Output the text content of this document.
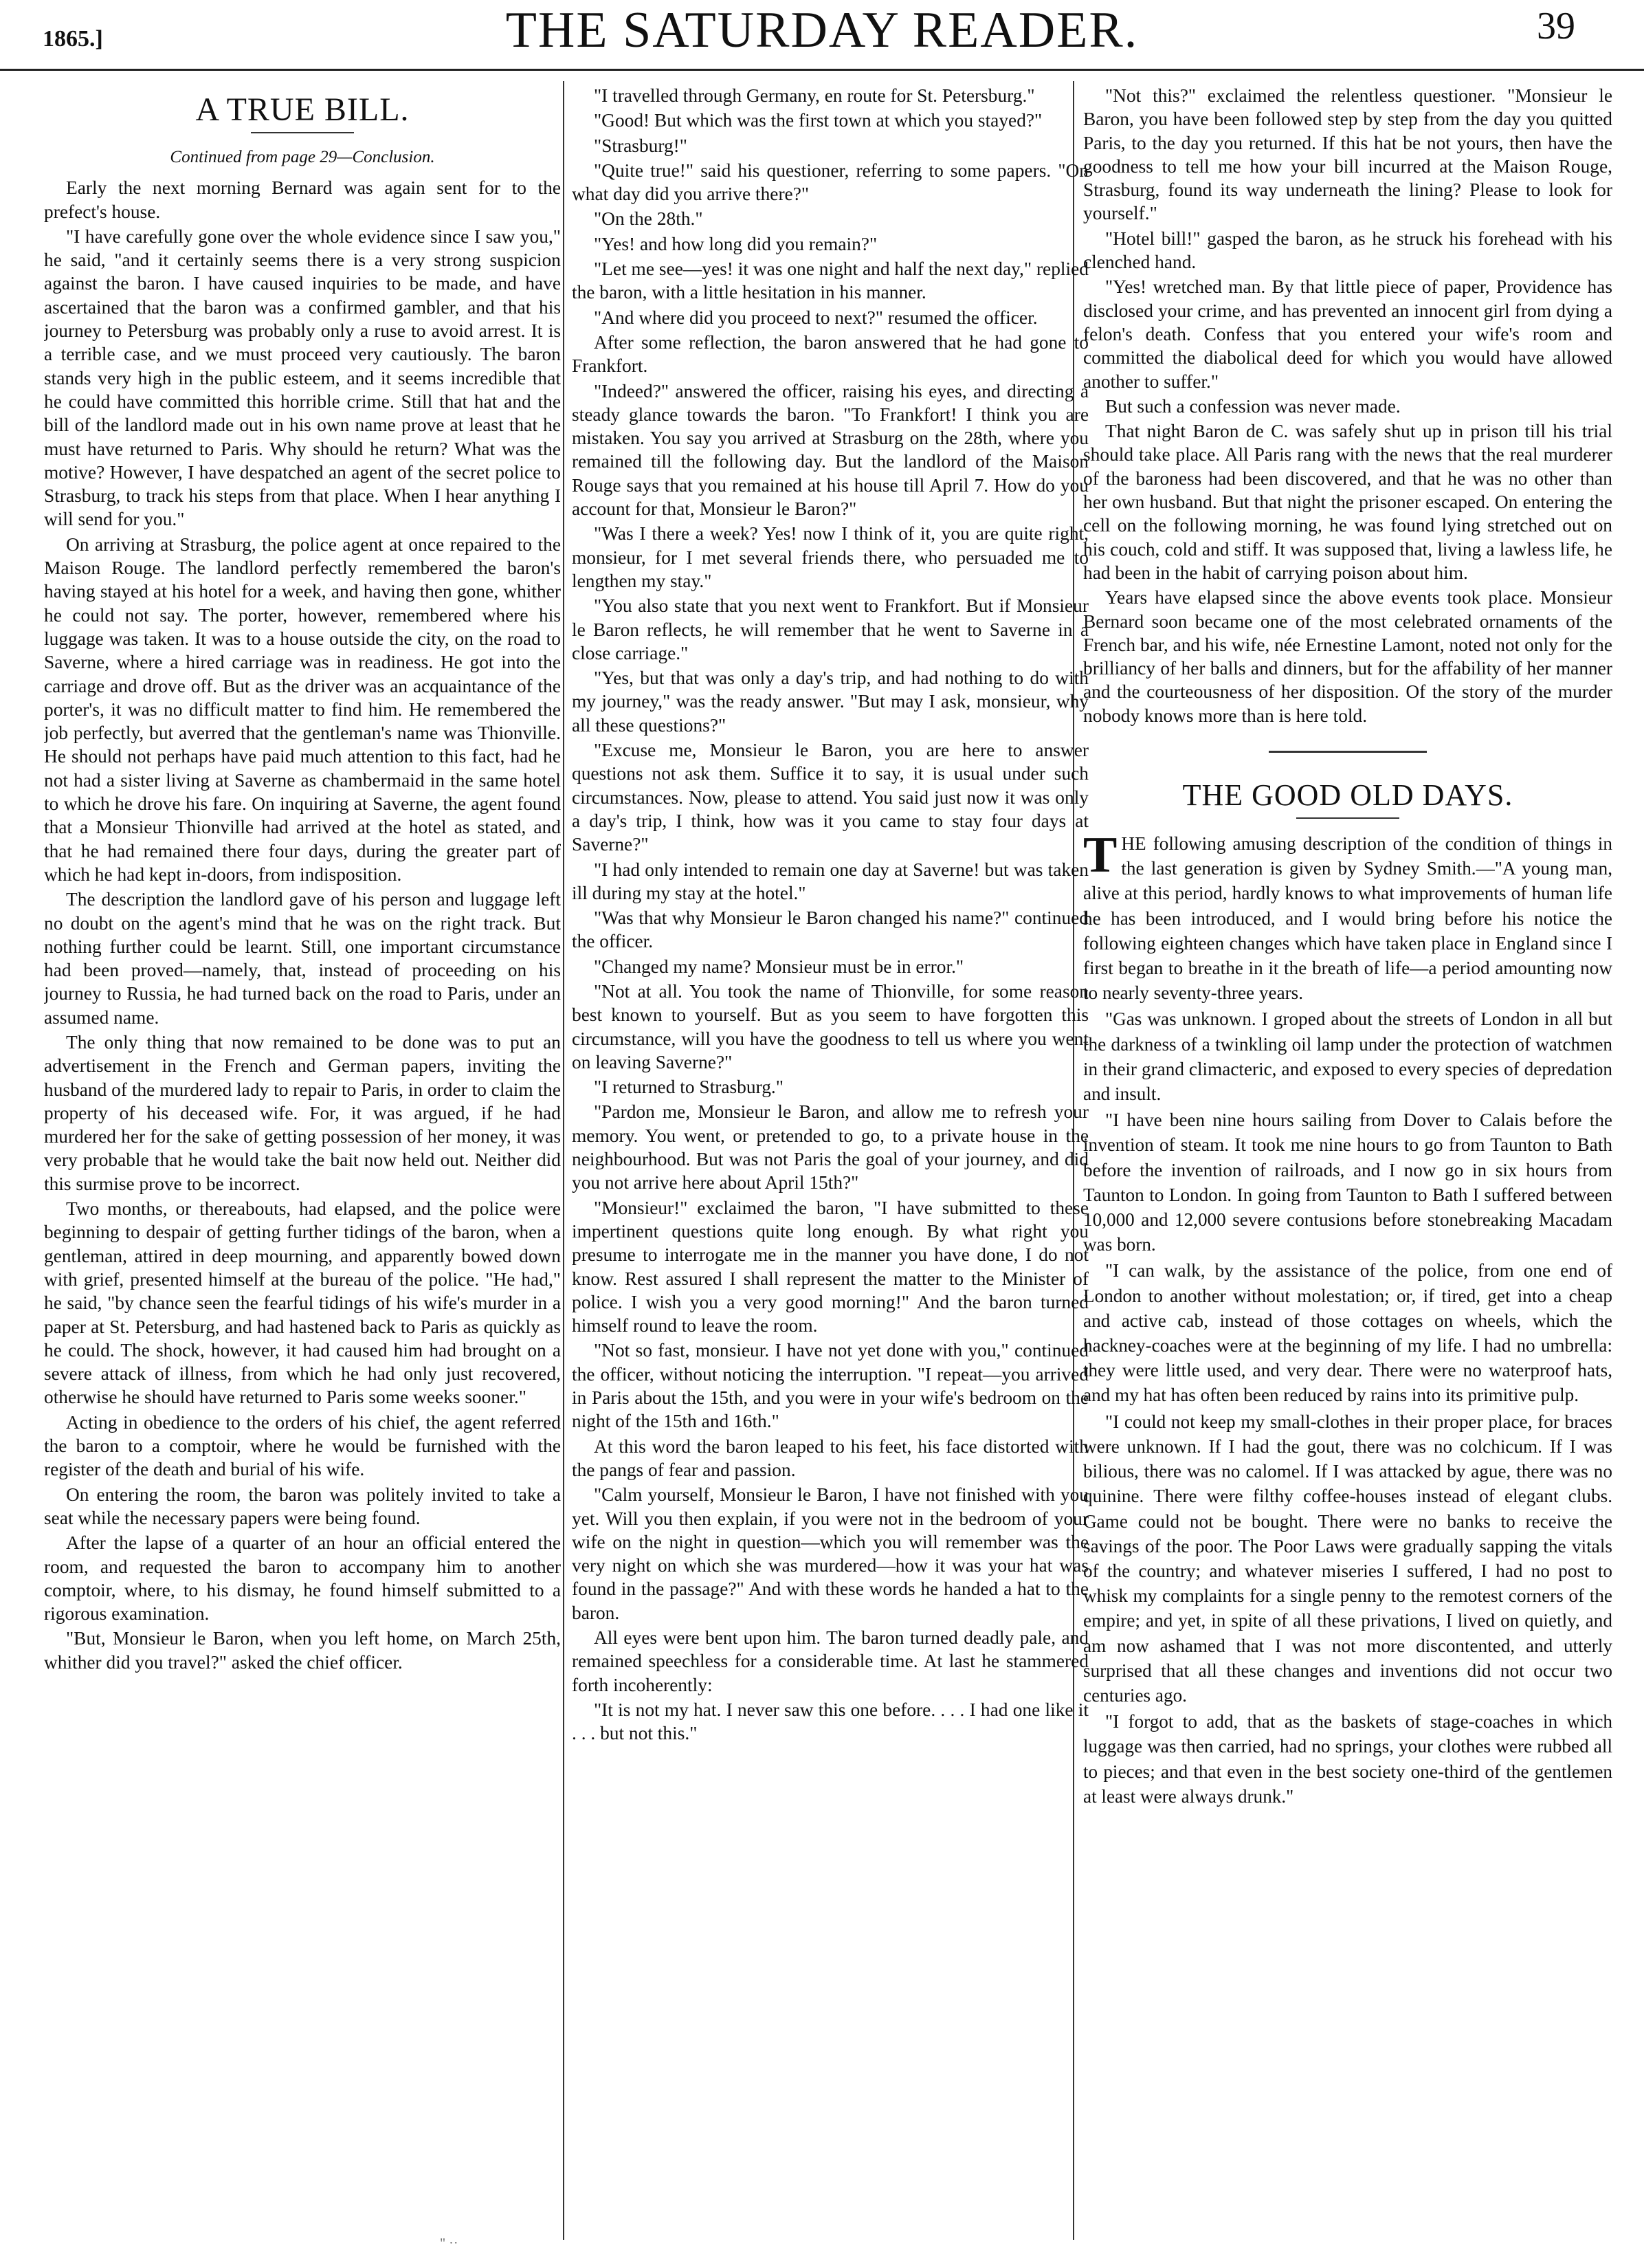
1865.]	THE SATURDAY READER.	39
A TRUE BILL.
Continued from page 29—Conclusion.

Early the next morning Bernard was again sent for to the prefect's house.

"I have carefully gone over the whole evidence since I saw you," he said, "and it certainly seems there is a very strong suspicion against the baron. I have caused inquiries to be made, and have ascertained that the baron was a confirmed gambler, and that his journey to Petersburg was probably only a ruse to avoid arrest. It is a terrible case, and we must proceed very cautiously. The baron stands very high in the public esteem, and it seems incredible that he could have committed this horrible crime. Still that hat and the bill of the landlord made out in his own name prove at least that he must have returned to Paris. Why should he return? What was the motive? However, I have despatched an agent of the secret police to Strasburg, to track his steps from that place. When I hear anything I will send for you."

On arriving at Strasburg, the police agent at once repaired to the Maison Rouge. The landlord perfectly remembered the baron's having stayed at his hotel for a week, and having then gone, whither he could not say. The porter, however, remembered where his luggage was taken. It was to a house outside the city, on the road to Saverne, where a hired carriage was in readiness. He got into the carriage and drove off. But as the driver was an acquaintance of the porter's, it was no difficult matter to find him. He remembered the job perfectly, but averred that the gentleman's name was Thionville. He should not perhaps have paid much attention to this fact, had he not had a sister living at Saverne as chambermaid in the same hotel to which he drove his fare. On inquiring at Saverne, the agent found that a Monsieur Thionville had arrived at the hotel as stated, and that he had remained there four days, during the greater part of which he had kept in-doors, from indisposition.

The description the landlord gave of his person and luggage left no doubt on the agent's mind that he was on the right track. But nothing further could be learnt. Still, one important circumstance had been proved—namely, that, instead of proceeding on his journey to Russia, he had turned back on the road to Paris, under an assumed name.

The only thing that now remained to be done was to put an advertisement in the French and German papers, inviting the husband of the murdered lady to repair to Paris, in order to claim the property of his deceased wife. For, it was argued, if he had murdered her for the sake of getting possession of her money, it was very probable that he would take the bait now held out. Neither did this surmise prove to be incorrect.

Two months, or thereabouts, had elapsed, and the police were beginning to despair of getting further tidings of the baron, when a gentleman, attired in deep mourning, and apparently bowed down with grief, presented himself at the bureau of the police. "He had," he said, "by chance seen the fearful tidings of his wife's murder in a paper at St. Petersburg, and had hastened back to Paris as quickly as he could. The shock, however, it had caused him had brought on a severe attack of illness, from which he had only just recovered, otherwise he should have returned to Paris some weeks sooner."

Acting in obedience to the orders of his chief, the agent referred the baron to a comptoir, where he would be furnished with the register of the death and burial of his wife.

On entering the room, the baron was politely invited to take a seat while the necessary papers were being found.

After the lapse of a quarter of an hour an official entered the room, and requested the baron to accompany him to another comptoir, where, to his dismay, he found himself submitted to a rigorous examination.

"But, Monsieur le Baron, when you left home, on March 25th, whither did you travel?" asked the chief officer.

"I travelled through Germany, en route for St. Petersburg."

"Good! But which was the first town at which you stayed?"

"Strasburg!"

"Quite true!" said his questioner, referring to some papers. "On what day did you arrive there?"

"On the 28th."

"Yes! and how long did you remain?"

"Let me see—yes! it was one night and half the next day," replied the baron, with a little hesitation in his manner.

"And where did you proceed to next?" resumed the officer.

After some reflection, the baron answered that he had gone to Frankfort.

"Indeed?" answered the officer, raising his eyes, and directing a steady glance towards the baron. "To Frankfort! I think you are mistaken. You say you arrived at Strasburg on the 28th, where you remained till the following day. But the landlord of the Maison Rouge says that you remained at his house till April 7. How do you account for that, Monsieur le Baron?"

"Was I there a week? Yes! now I think of it, you are quite right, monsieur, for I met several friends there, who persuaded me to lengthen my stay."

"You also state that you next went to Frankfort. But if Monsieur le Baron reflects, he will remember that he went to Saverne in a close carriage."

"Yes, but that was only a day's trip, and had nothing to do with my journey," was the ready answer. "But may I ask, monsieur, why all these questions?"

"Excuse me, Monsieur le Baron, you are here to answer questions not ask them. Suffice it to say, it is usual under such circumstances. Now, please to attend. You said just now it was only a day's trip, I think, how was it you came to stay four days at Saverne?"

"I had only intended to remain one day at Saverne! but was taken ill during my stay at the hotel."

"Was that why Monsieur le Baron changed his name?" continued the officer.

"Changed my name? Monsieur must be in error."

"Not at all. You took the name of Thionville, for some reason best known to yourself. But as you seem to have forgotten this circumstance, will you have the goodness to tell us where you went on leaving Saverne?"

"I returned to Strasburg."

"Pardon me, Monsieur le Baron, and allow me to refresh your memory. You went, or pretended to go, to a private house in the neighbourhood. But was not Paris the goal of your journey, and did you not arrive here about April 15th?"

"Monsieur!" exclaimed the baron, "I have submitted to these impertinent questions quite long enough. By what right you presume to interrogate me in the manner you have done, I do not know. Rest assured I shall represent the matter to the Minister of police. I wish you a very good morning!" And the baron turned himself round to leave the room.

"Not so fast, monsieur. I have not yet done with you," continued the officer, without noticing the interruption. "I repeat—you arrived in Paris about the 15th, and you were in your wife's bedroom on the night of the 15th and 16th."

At this word the baron leaped to his feet, his face distorted with the pangs of fear and passion.

"Calm yourself, Monsieur le Baron, I have not finished with you yet. Will you then explain, if you were not in the bedroom of your wife on the night in question—which you will remember was the very night on which she was murdered—how it was your hat was found in the passage?" And with these words he handed a hat to the baron.

All eyes were bent upon him. The baron turned deadly pale, and remained speechless for a considerable time. At last he stammered forth incoherently:

"It is not my hat. I never saw this one before. . . . I had one like it . . . but not this."

"Not this?" exclaimed the relentless questioner. "Monsieur le Baron, you have been followed step by step from the day you quitted Paris, to the day you returned. If this hat be not yours, then have the goodness to tell me how your bill incurred at the Maison Rouge, Strasburg, found its way underneath the lining? Please to look for yourself."

"Hotel bill!" gasped the baron, as he struck his forehead with his clenched hand.

"Yes! wretched man. By that little piece of paper, Providence has disclosed your crime, and has prevented an innocent girl from dying a felon's death. Confess that you entered your wife's room and committed the diabolical deed for which you would have allowed another to suffer."

But such a confession was never made.

That night Baron de C. was safely shut up in prison till his trial should take place. All Paris rang with the news that the real murderer of the baroness had been discovered, and that he was no other than her own husband. But that night the prisoner escaped. On entering the cell on the following morning, he was found lying stretched out on his couch, cold and stiff. It was supposed that, living a lawless life, he had been in the habit of carrying poison about him.

Years have elapsed since the above events took place. Monsieur Bernard soon became one of the most celebrated ornaments of the French bar, and his wife, née Ernestine Lamont, noted not only for the brilliancy of her balls and dinners, but for the affability of her manner and the courteousness of her disposition. Of the story of the murder nobody knows more than is here told.

THE GOOD OLD DAYS.

THE following amusing description of the condition of things in the last generation is given by Sydney Smith.—"A young man, alive at this period, hardly knows to what improvements of human life he has been introduced, and I would bring before his notice the following eighteen changes which have taken place in England since I first began to breathe in it the breath of life—a period amounting now to nearly seventy-three years.

"Gas was unknown. I groped about the streets of London in all but the darkness of a twinkling oil lamp under the protection of watchmen in their grand climacteric, and exposed to every species of depredation and insult.

"I have been nine hours sailing from Dover to Calais before the invention of steam. It took me nine hours to go from Taunton to Bath before the invention of railroads, and I now go in six hours from Taunton to London. In going from Taunton to Bath I suffered between 10,000 and 12,000 severe contusions before stonebreaking Macadam was born.

"I can walk, by the assistance of the police, from one end of London to another without molestation; or, if tired, get into a cheap and active cab, instead of those cottages on wheels, which the hackney-coaches were at the beginning of my life. I had no umbrella: they were little used, and very dear. There were no waterproof hats, and my hat has often been reduced by rains into its primitive pulp.

"I could not keep my small-clothes in their proper place, for braces were unknown. If I had the gout, there was no colchicum. If I was bilious, there was no calomel. If I was attacked by ague, there was no quinine. There were filthy coffee-houses instead of elegant clubs. Game could not be bought. There were no banks to receive the savings of the poor. The Poor Laws were gradually sapping the vitals of the country; and whatever miseries I suffered, I had no post to whisk my complaints for a single penny to the remotest corners of the empire; and yet, in spite of all these privations, I lived on quietly, and am now ashamed that I was not more discontented, and utterly surprised that all these changes and inventions did not occur two centuries ago.

"I forgot to add, that as the baskets of stage-coaches in which luggage was then carried, had no springs, your clothes were rubbed all to pieces; and that even in the best society one-third of the gentlemen at least were always drunk."

" ··
